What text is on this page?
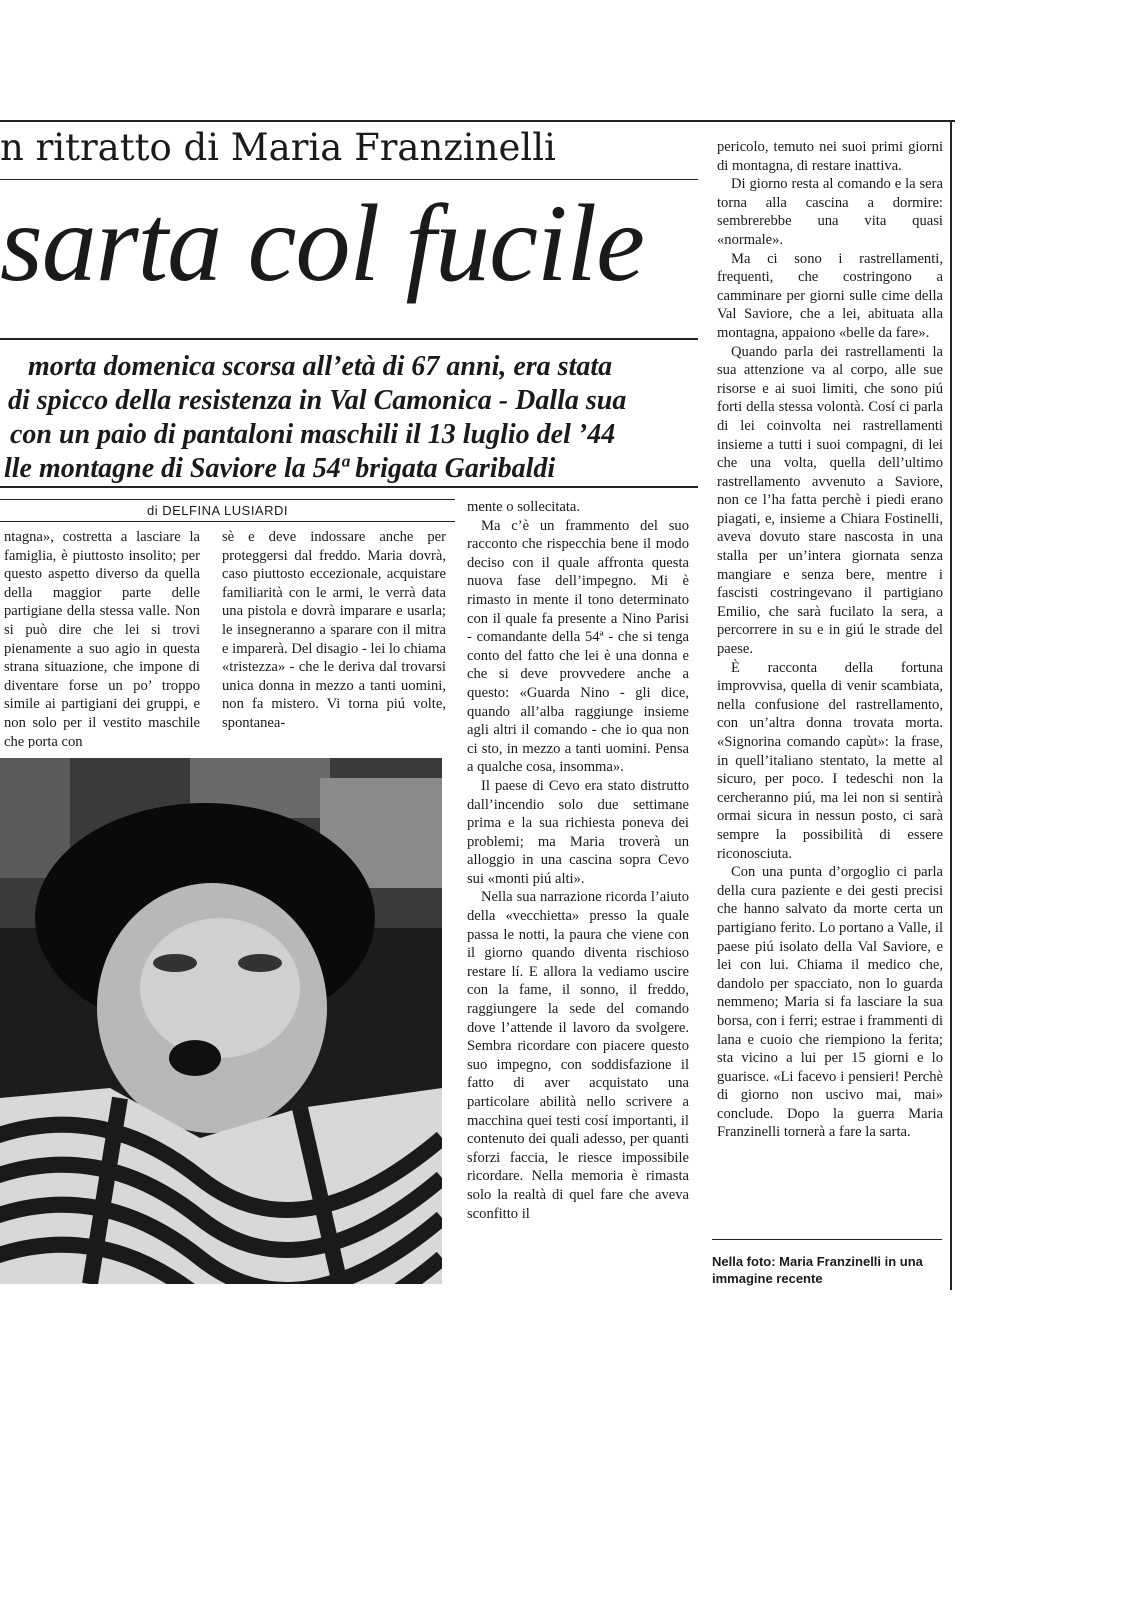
n ritratto di Maria Franzinelli
sarta col fucile
morta domenica scorsa all’età di 67 anni, era stata
di spicco della resistenza in Val Camonica - Dalla sua
con un paio di pantaloni maschili il 13 luglio del ’44
lle montagne di Saviore la 54ª brigata Garibaldi
di DELFINA LUSIARDI

ntagna», costretta a lasciare la famiglia, è piuttosto insolito; per questo aspetto diverso da quella della maggior parte delle partigiane della stessa valle. Non si può dire che lei si trovi pienamente a suo agio in questa strana situazione, che impone di diventare forse un po’ troppo simile ai partigiani dei gruppi, e non solo per il vestito maschile che porta con

sè e deve indossare anche per proteggersi dal freddo. Maria dovrà, caso piuttosto eccezionale, acquistare familiarità con le armi, le verrà data una pistola e dovrà imparare e usarla; le insegneranno a sparare con il mitra e imparerà. Del disagio - lei lo chiama «tristezza» - che le deriva dal trovarsi unica donna in mezzo a tanti uomini, non fa mistero. Vi torna piú volte, spontanea-

mente o sollecitata.

Ma c’è un frammento del suo racconto che rispecchia bene il modo deciso con il quale affronta questa nuova fase dell’impegno. Mi è rimasto in mente il tono determinato con il quale fa presente a Nino Parisi - comandante della 54ª - che si tenga conto del fatto che lei è una donna e che si deve provvedere anche a questo: «Guarda Nino - gli dice, quando all’alba raggiunge insieme agli altri il comando - che io qua non ci sto, in mezzo a tanti uomini. Pensa a qualche cosa, insomma».

Il paese di Cevo era stato distrutto dall’incendio solo due settimane prima e la sua richiesta poneva dei problemi; ma Maria troverà un alloggio in una cascina sopra Cevo sui «monti piú alti».

Nella sua narrazione ricorda l’aiuto della «vecchietta» presso la quale passa le notti, la paura che viene con il giorno quando diventa rischioso restare lí. E allora la vediamo uscire con la fame, il sonno, il freddo, raggiungere la sede del comando dove l’attende il lavoro da svolgere. Sembra ricordare con piacere questo suo impegno, con soddisfazione il fatto di aver acquistato una particolare abilità nello scrivere a macchina quei testi cosí importanti, il contenuto dei quali adesso, per quanti sforzi faccia, le riesce impossibile ricordare. Nella memoria è rimasta solo la realtà di quel fare che aveva sconfitto il

pericolo, temuto nei suoi primi giorni di montagna, di restare inattiva.

Di giorno resta al comando e la sera torna alla cascina a dormire: sembrerebbe una vita quasi «normale».

Ma ci sono i rastrellamenti, frequenti, che costringono a camminare per giorni sulle cime della Val Saviore, che a lei, abituata alla montagna, appaiono «belle da fare».

Quando parla dei rastrellamenti la sua attenzione va al corpo, alle sue risorse e ai suoi limiti, che sono piú forti della stessa volontà. Cosí ci parla di lei coinvolta nei rastrellamenti insieme a tutti i suoi compagni, di lei che una volta, quella dell’ultimo rastrellamento avvenuto a Saviore, non ce l’ha fatta perchè i piedi erano piagati, e, insieme a Chiara Fostinelli, aveva dovuto stare nascosta in una stalla per un’intera giornata senza mangiare e senza bere, mentre i fascisti costringevano il partigiano Emilio, che sarà fucilato la sera, a percorrere in su e in giú le strade del paese.

È racconta della fortuna improvvisa, quella di venir scambiata, nella confusione del rastrellamento, con un’altra donna trovata morta. «Signorina comando capùt»: la frase, in quell’italiano stentato, la mette al sicuro, per poco. I tedeschi non la cercheranno piú, ma lei non si sentirà ormai sicura in nessun posto, ci sarà sempre la possibilità di essere riconosciuta.

Con una punta d’orgoglio ci parla della cura paziente e dei gesti precisi che hanno salvato da morte certa un partigiano ferito. Lo portano a Valle, il paese piú isolato della Val Saviore, e lei con lui. Chiama il medico che, dandolo per spacciato, non lo guarda nemmeno; Maria si fa lasciare la sua borsa, con i ferri; estrae i frammenti di lana e cuoio che riempiono la ferita; sta vicino a lui per 15 giorni e lo guarisce. «Li facevo i pensieri! Perchè di giorno non uscivo mai, mai» conclude. Dopo la guerra Maria Franzinelli tornerà a fare la sarta.

Nella foto: Maria Franzinelli in una immagine recente
